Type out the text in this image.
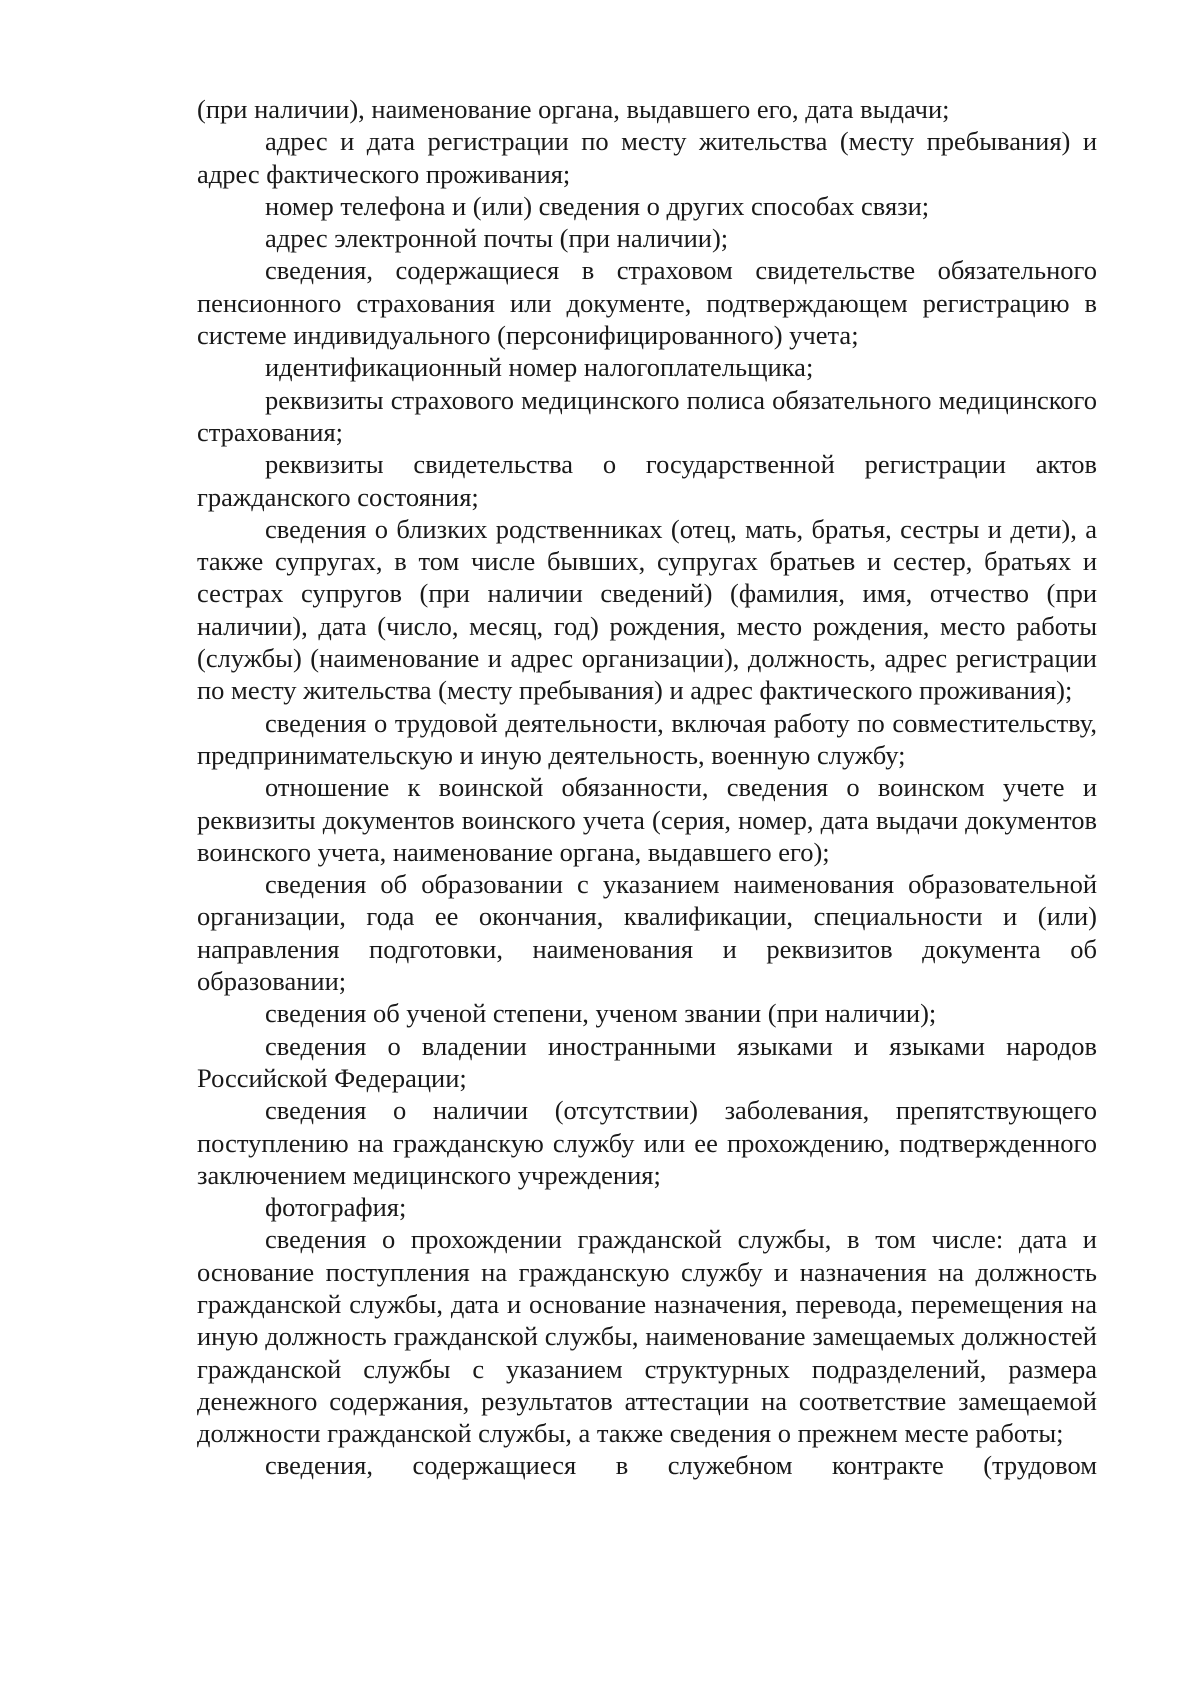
(при наличии), наименование органа, выдавшего его, дата выдачи;

адрес и дата регистрации по месту жительства (месту пребывания) и адрес фактического проживания;

номер телефона и (или) сведения о других способах связи;

адрес электронной почты (при наличии);

сведения, содержащиеся в страховом свидетельстве обязательного пенсионного страхования или документе, подтверждающем регистрацию в системе индивидуального (персонифицированного) учета;

идентификационный номер налогоплательщика;

реквизиты страхового медицинского полиса обязательного медицинского страхования;

реквизиты свидетельства о государственной регистрации актов гражданского состояния;

сведения о близких родственниках (отец, мать, братья, сестры и дети), а также супругах, в том числе бывших, супругах братьев и сестер, братьях и сестрах супругов (при наличии сведений) (фамилия, имя, отчество (при наличии), дата (число, месяц, год) рождения, место рождения, место работы (службы) (наименование и адрес организации), должность, адрес регистрации по месту жительства (месту пребывания) и адрес фактического проживания);

сведения о трудовой деятельности, включая работу по совместительству, предпринимательскую и иную деятельность, военную службу;

отношение к воинской обязанности, сведения о воинском учете и реквизиты документов воинского учета (серия, номер, дата выдачи документов воинского учета, наименование органа, выдавшего его);

сведения об образовании с указанием наименования образовательной организации, года ее окончания, квалификации, специальности и (или) направления подготовки, наименования и реквизитов документа об образовании;

сведения об ученой степени, ученом звании (при наличии);

сведения о владении иностранными языками и языками народов Российской Федерации;

сведения о наличии (отсутствии) заболевания, препятствующего поступлению на гражданскую службу или ее прохождению, подтвержденного заключением медицинского учреждения;

фотография;

сведения о прохождении гражданской службы, в том числе: дата и основание поступления на гражданскую службу и назначения на должность гражданской службы, дата и основание назначения, перевода, перемещения на иную должность гражданской службы, наименование замещаемых должностей гражданской службы с указанием структурных подразделений, размера денежного содержания, результатов аттестации на соответствие замещаемой должности гражданской службы, а также сведения о прежнем месте работы;

сведения, содержащиеся в служебном контракте (трудовом
